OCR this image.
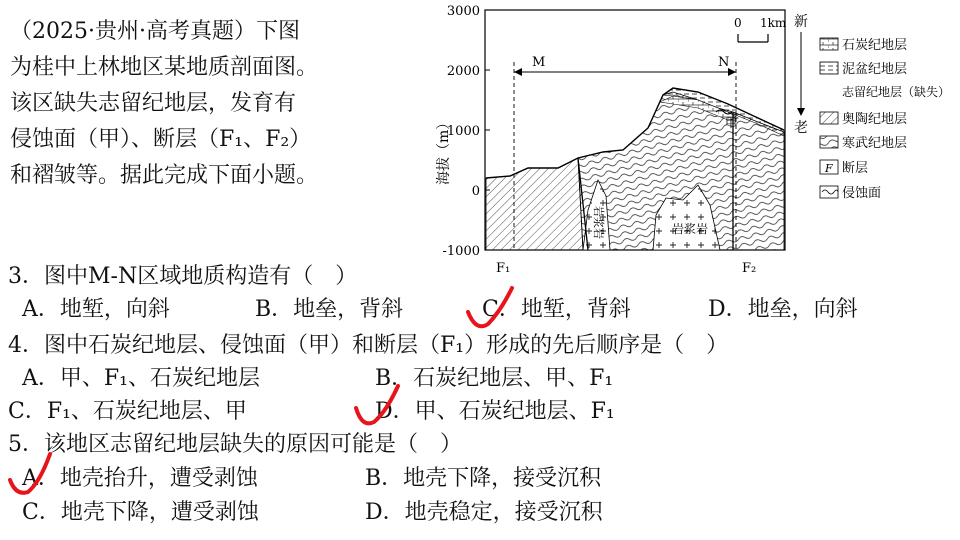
（2025·贵州·高考真题）下图

为桂中上林地区某地质剖面图。

该区缺失志留纪地层，发育有

侵蚀面（甲）、断层（F₁、F₂）

和褶皱等。据此完成下面小题。

3000
2000
1000
0
-1000
海拔（m）
M	N
甲
岩浆岩
岩浆岩
F₁	F₂
0 1km 新
老
石炭纪地层
泥盆纪地层
志留纪地层（缺失）
奥陶纪地层
寒武纪地层
F 断层
侵蚀面
3．图中M-N区域地质构造有（　）
A．地堑，向斜	B．地垒，背斜	C．地堑，背斜	D．地垒，向斜
4．图中石炭纪地层、侵蚀面（甲）和断层（F₁）形成的先后顺序是（　）
A．甲、F₁、石炭纪地层	B．石炭纪地层、甲、F₁
C．F₁、石炭纪地层、甲	D．甲、石炭纪地层、F₁
5．该地区志留纪地层缺失的原因可能是（　）
A．地壳抬升，遭受剥蚀	B．地壳下降，接受沉积
C．地壳下降，遭受剥蚀	D．地壳稳定，接受沉积
